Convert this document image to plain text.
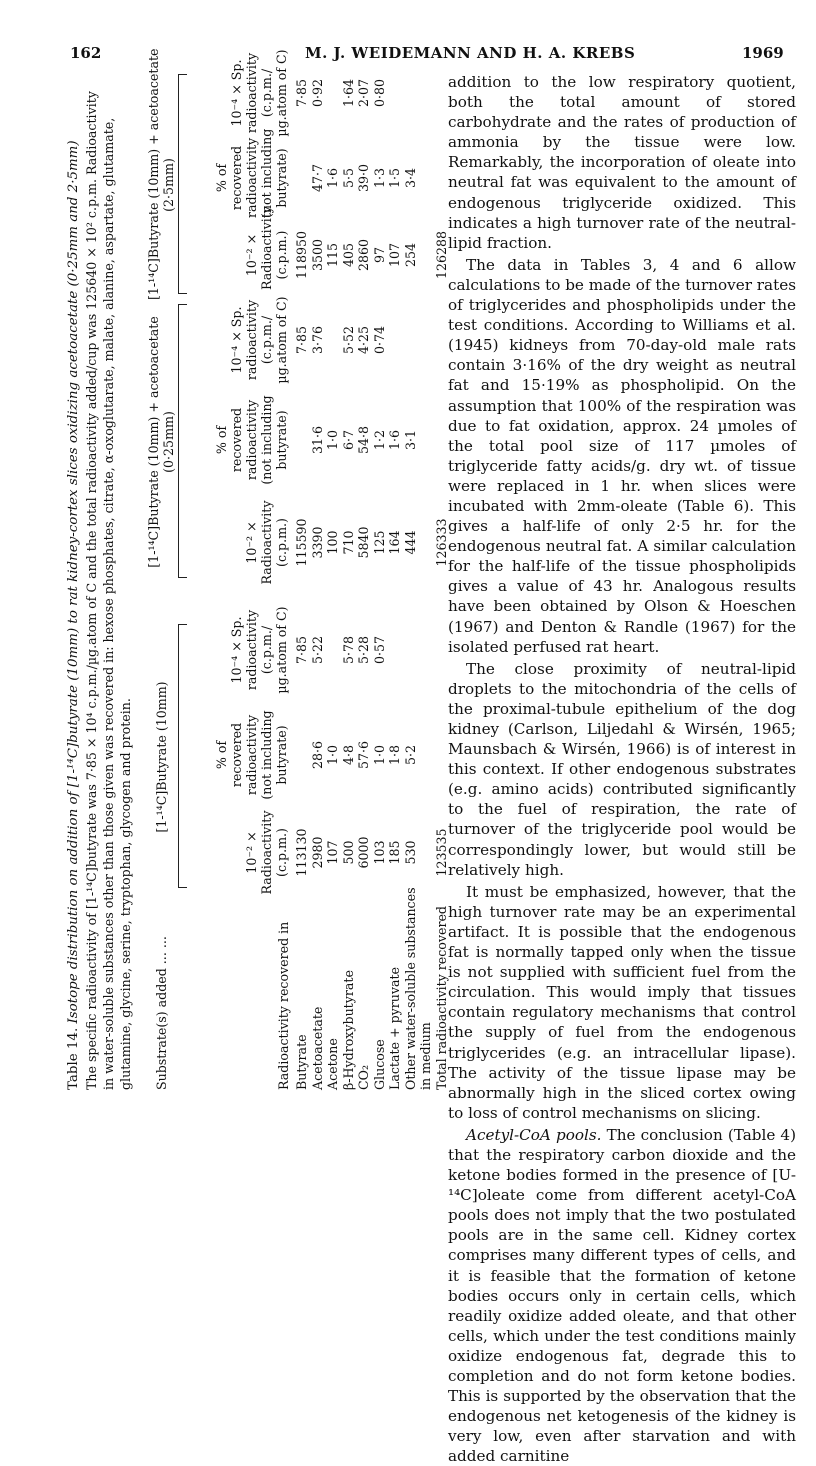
162	M. J. WEIDEMANN AND H. A. KREBS	1969
Table 14. Isotope distribution on addition of [1-¹⁴C]butyrate (10mm) to rat kidney-cortex slices oxidizing acetoacetate (0·25mm and 2·5mm) The specific radioactivity of [1-¹⁴C]butyrate was 7·85 × 10⁴ c.p.m./µg.atom of C and the total radioactivity added/cup was 125640 × 10² c.p.m. Radioactivity in water-soluble substances other than those given was recovered in: hexose phosphates, citrate, α-oxoglutarate, malate, alanine, aspartate, glutamate, glutamine, glycine, serine, tryptophan, glycogen and protein. Substrate(s) added ... ...
[1-¹⁴C]Butyrate (10mm)
[1-¹⁴C]Butyrate (10mm) + acetoacetate (0·25mm)
[1-¹⁴C]Butyrate (10mm) + acetoacetate (2·5mm)
10⁻² × Radioactivity (c.p.m.)
% of recovered radioactivity (not including butyrate)
10⁻⁴ × Sp. radioactivity (c.p.m./ µg.atom of C)
10⁻² × Radioactivity (c.p.m.)
% of recovered radioactivity (not including butyrate)
10⁻⁴ × Sp. radioactivity (c.p.m./ µg.atom of C)
10⁻² × Radioactivity (c.p.m.)
% of recovered radioactivity (not including butyrate)
10⁻⁴ × Sp. radioactivity (c.p.m./ µg.atom of C)
Radioactivity recovered in Butyrate
113130
7·85
115590
7·85
118950
7·85
Acetoacetate
2980
28·6
5·22
3390
31·6
3·76
3500
47·7
0·92
Acetone
107
1·0
100
1·0
115
1·6
β-Hydroxybutyrate
500
4·8
5·78
710
6·7
5·52
405
5·5
1·64
CO₂
6000
57·6
5·28
5840
54·8
4·25
2860
39·0
2·07
Glucose
103
1·0
0·57
125
1·2
0·74
97
1·3
0·80
Lactate + pyruvate
185
1·8
164
1·6
107
1·5
Other water-soluble substances
530
5·2
444
3·1
254
3·4
in medium Total radioactivity recovered
123535
126333
126288

addition to the low respiratory quotient, both the total amount of stored carbohydrate and the rates of production of ammonia by the tissue were low. Remarkably, the incorporation of oleate into neutral fat was equivalent to the amount of endogenous triglyceride oxidized. This indicates a high turnover rate of the neutral-lipid fraction.

The data in Tables 3, 4 and 6 allow calculations to be made of the turnover rates of triglycerides and phospholipids under the test conditions. According to Williams et al. (1945) kidneys from 70-day-old male rats contain 3·16% of the dry weight as neutral fat and 15·19% as phospholipid. On the assumption that 100% of the respiration was due to fat oxidation, approx. 24 µmoles of the total pool size of 117 µmoles of triglyceride fatty acids/g. dry wt. of tissue were replaced in 1 hr. when slices were incubated with 2mm-oleate (Table 6). This gives a half-life of only 2·5 hr. for the endogenous neutral fat. A similar calculation for the half-life of the tissue phospholipids gives a value of 43 hr. Analogous results have been obtained by Olson & Hoeschen (1967) and Denton & Randle (1967) for the isolated perfused rat heart.

The close proximity of neutral-lipid droplets to the mitochondria of the cells of the proximal-tubule epithelium of the dog kidney (Carlson, Liljedahl & Wirsén, 1965; Maunsbach & Wirsén, 1966) is of interest in this context. If other endogenous substrates (e.g. amino acids) contributed significantly to the fuel of respiration, the rate of turnover of the triglyceride pool would be correspondingly lower, but would still be relatively high.

It must be emphasized, however, that the high turnover rate may be an experimental artifact. It is possible that the endogenous fat is normally tapped only when the tissue is not supplied with sufficient fuel from the circulation. This would imply that tissues contain regulatory mechanisms that control the supply of fuel from the endogenous triglycerides (e.g. an intracellular lipase). The activity of the tissue lipase may be abnormally high in the sliced cortex owing to loss of control mechanisms on slicing.

Acetyl-CoA pools. The conclusion (Table 4) that the respiratory carbon dioxide and the ketone bodies formed in the presence of [U-¹⁴C]oleate come from different acetyl-CoA pools does not imply that the two postulated pools are in the same cell. Kidney cortex comprises many different types of cells, and it is feasible that the formation of ketone bodies occurs only in certain cells, which readily oxidize added oleate, and that other cells, which under the test conditions mainly oxidize endogenous fat, degrade this to completion and do not form ketone bodies. This is supported by the observation that the endogenous net ketogenesis of the kidney is very low, even after starvation and with added carnitine
